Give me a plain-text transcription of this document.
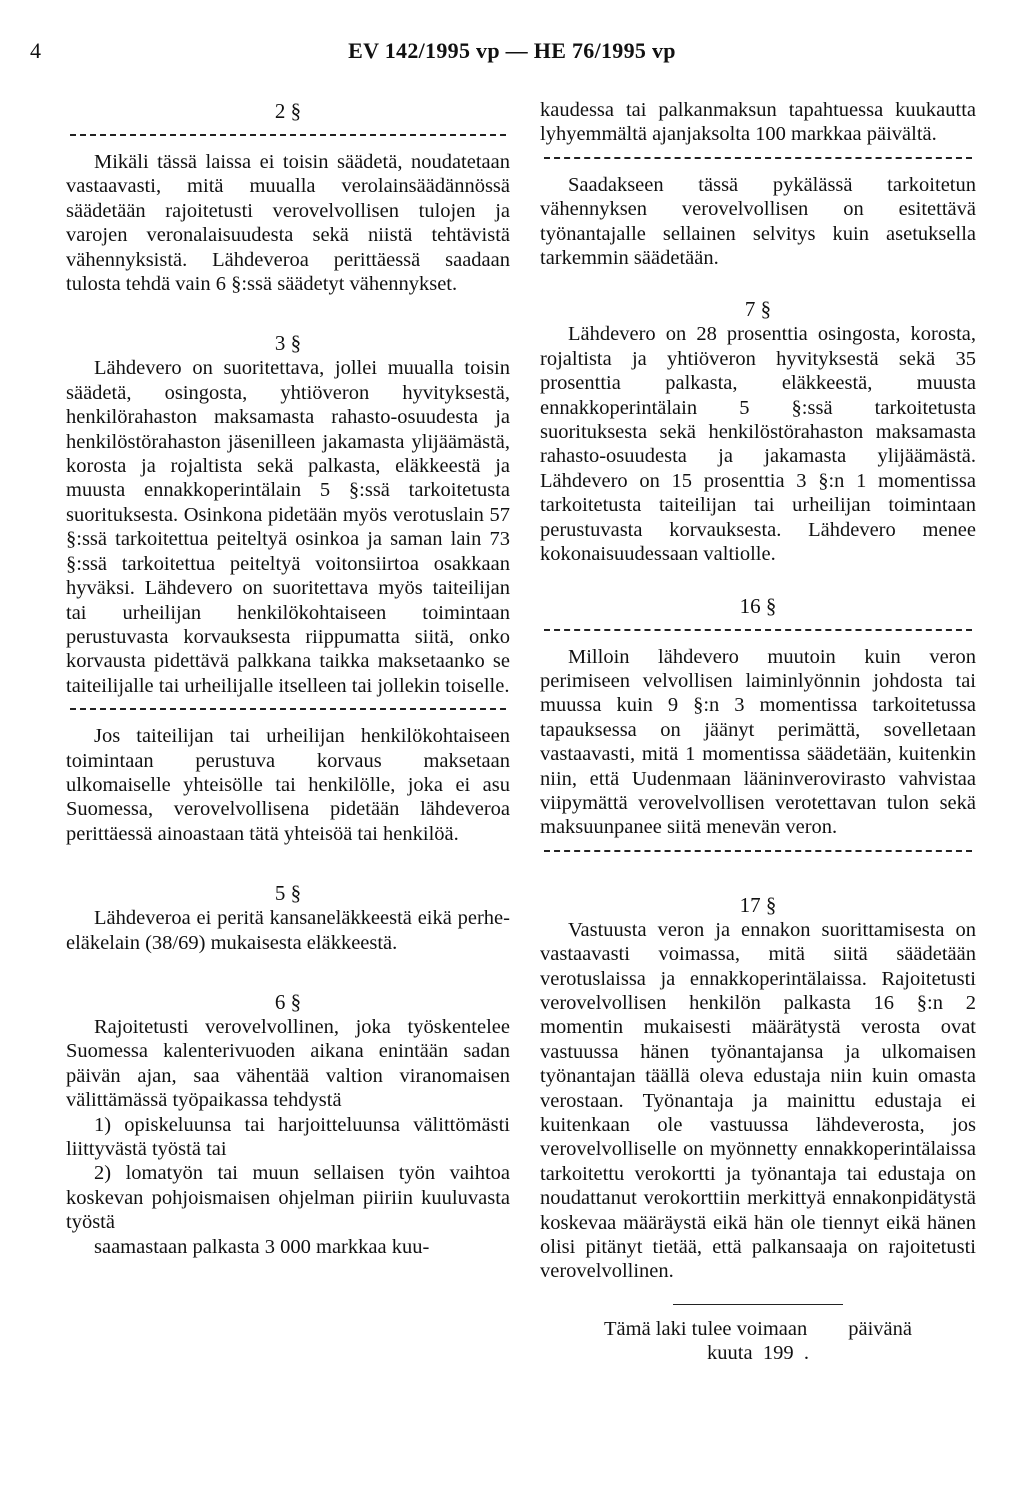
4	EV 142/1995 vp — HE 76/1995 vp

2 §

Mikäli tässä laissa ei toisin säädetä, noudatetaan vastaavasti, mitä muualla verolainsäädännössä säädetään rajoitetusti verovelvollisen tulojen ja varojen veronalaisuudesta sekä niistä tehtävistä vähennyksistä. Lähdeveroa perittäessä saadaan tulosta tehdä vain 6 §:ssä säädetyt vähennykset.

3 §

Lähdevero on suoritettava, jollei muualla toisin säädetä, osingosta, yhtiöveron hyvityksestä, henkilörahaston maksamasta rahasto-osuudesta ja henkilöstörahaston jäsenilleen jakamasta ylijäämästä, korosta ja rojaltista sekä palkasta, eläkkeestä ja muusta ennakkoperintälain 5 §:ssä tarkoitetusta suorituksesta. Osinkona pidetään myös verotuslain 57 §:ssä tarkoitettua peiteltyä osinkoa ja saman lain 73 §:ssä tarkoitettua peiteltyä voitonsiirtoa osakkaan hyväksi. Lähdevero on suoritettava myös taiteilijan tai urheilijan henkilökohtaiseen toimintaan perustuvasta korvauksesta riippumatta siitä, onko korvausta pidettävä palkkana taikka maksetaanko se taiteilijalle tai urheilijalle itselleen tai jollekin toiselle.

Jos taiteilijan tai urheilijan henkilökohtaiseen toimintaan perustuva korvaus maksetaan ulkomaiselle yhteisölle tai henkilölle, joka ei asu Suomessa, verovelvollisena pidetään lähdeveroa perittäessä ainoastaan tätä yhteisöä tai henkilöä.

5 §

Lähdeveroa ei peritä kansaneläkkeestä eikä perhe-eläkelain (38/69) mukaisesta eläkkeestä.

6 §

Rajoitetusti verovelvollinen, joka työskentelee Suomessa kalenterivuoden aikana enintään sadan päivän ajan, saa vähentää valtion viranomaisen välittämässä työpaikassa tehdystä

1) opiskeluunsa tai harjoitteluunsa välittömästi liittyvästä työstä tai

2) lomatyön tai muun sellaisen työn vaihtoa koskevan pohjoismaisen ohjelman piiriin kuuluvasta työstä

saamastaan palkasta 3 000 markkaa kuu-

kaudessa tai palkanmaksun tapahtuessa kuukautta lyhyemmältä ajanjaksolta 100 markkaa päivältä.

Saadakseen tässä pykälässä tarkoitetun vähennyksen verovelvollisen on esitettävä työnantajalle sellainen selvitys kuin asetuksella tarkemmin säädetään.

7 §

Lähdevero on 28 prosenttia osingosta, korosta, rojaltista ja yhtiöveron hyvityksestä sekä 35 prosenttia palkasta, eläkkeestä, muusta ennakkoperintälain 5 §:ssä tarkoitetusta suorituksesta sekä henkilöstörahaston maksamasta rahasto-osuudesta ja jakamasta ylijäämästä. Lähdevero on 15 prosenttia 3 §:n 1 momentissa tarkoitetusta taiteilijan tai urheilijan toimintaan perustuvasta korvauksesta. Lähdevero menee kokonaisuudessaan valtiolle.

16 §

Milloin lähdevero muutoin kuin veron perimiseen velvollisen laiminlyönnin johdosta tai muussa kuin 9 §:n 3 momentissa tarkoitetussa tapauksessa on jäänyt perimättä, sovelletaan vastaavasti, mitä 1 momentissa säädetään, kuitenkin niin, että Uudenmaan lääninverovirasto vahvistaa viipymättä verovelvollisen verotettavan tulon sekä maksuunpanee siitä menevän veron.

17 §

Vastuusta veron ja ennakon suorittamisesta on vastaavasti voimassa, mitä siitä säädetään verotuslaissa ja ennakkoperintälaissa. Rajoitetusti verovelvollisen henkilön palkasta 16 §:n 2 momentin mukaisesti määrätystä verosta ovat vastuussa hänen työnantajansa ja ulkomaisen työnantajan täällä oleva edustaja niin kuin omasta verostaan. Työnantaja ja mainittu edustaja ei kuitenkaan ole vastuussa lähdeverosta, jos verovelvolliselle on myönnetty ennakkoperintälaissa tarkoitettu verokortti ja työnantaja tai edustaja on noudattanut verokorttiin merkittyä ennakonpidätystä koskevaa määräystä eikä hän ole tiennyt eikä hänen olisi pitänyt tietää, että palkansaaja on rajoitetusti verovelvollinen.

Tämä laki tulee voimaan        päivänä

kuuta  199  .
